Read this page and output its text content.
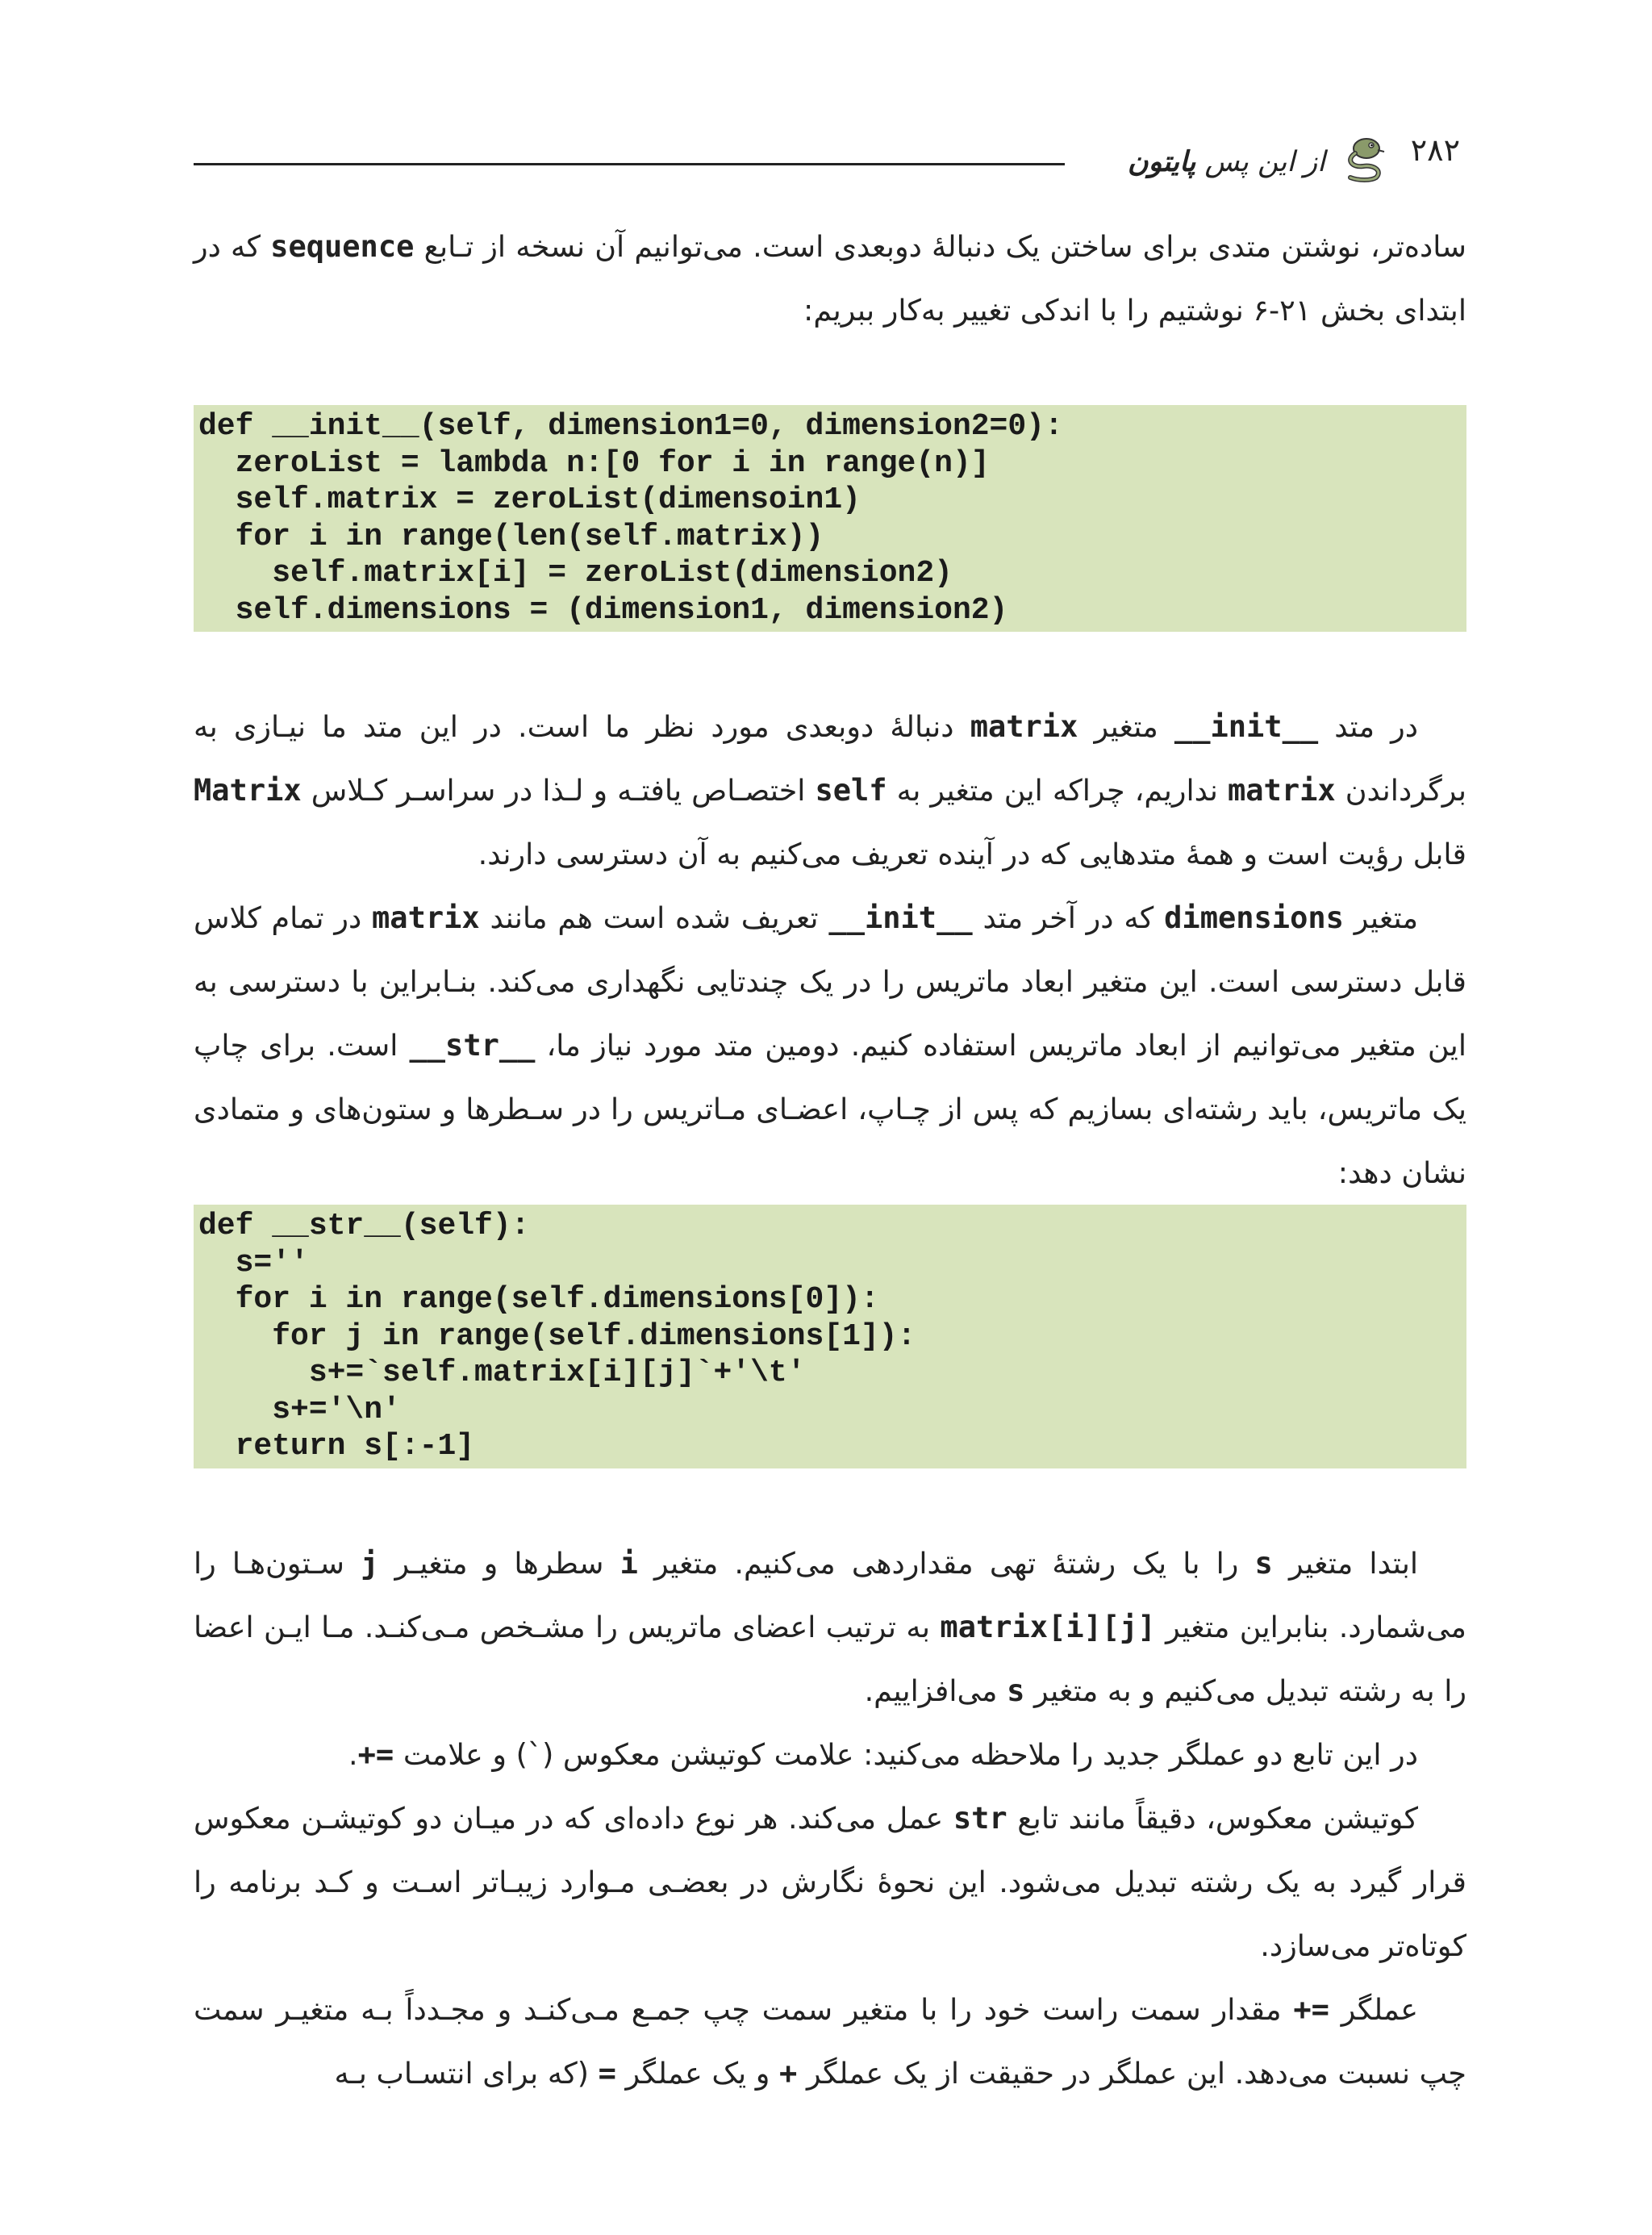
۲۸۲
از این پس پایتون

ساده‌تر، نوشتن متدی برای ساختن یک دنبالهٔ دوبعدی است. می‌توانیم آن نسخه از تـابع sequence که در ابتدای بخش ۲۱-۶ نوشتیم را با اندکی تغییر به‌کار ببریم:

def __init__(self, dimension1=0, dimension2=0):
zeroList = lambda n:[0 for i in range(n)]
self.matrix = zeroList(dimensoin1)
for i in range(len(self.matrix))
self.matrix[i] = zeroList(dimension2)
self.dimensions = (dimension1, dimension2)

در متد __init__ متغیر matrix دنبالهٔ دوبعدی مورد نظر ما است. در این متد ما نیـازی به برگرداندن matrix نداریم، چراکه این متغیر به self اختصـاص یافتـه و لـذا در سراسـر کـلاس Matrix قابل رؤیت است و همهٔ متدهایی که در آینده تعریف می‌کنیم به آن دسترسی دارند.

متغیر dimensions که در آخر متد __init__ تعریف شده است هم مانند matrix در تمام کلاس قابل دسترسی است. این متغیر ابعاد ماتریس را در یک چندتایی نگهداری می‌کند. بنـابراین با دسترسی به این متغیر می‌توانیم از ابعاد ماتریس استفاده کنیم. دومین متد مورد نیاز ما، __str__ است. برای چاپ یک ماتریس، باید رشته‌ای بسازیم که پس از چـاپ، اعضـای مـاتریس را در سـطرها و ستون‌های و متمادی نشان دهد:

def __str__(self):
s=''
for i in range(self.dimensions[0]):
for j in range(self.dimensions[1]):
s+=`self.matrix[i][j]`+'\t'
s+='\n'
return s[:-1]

ابتدا متغیر s را با یک رشتهٔ تهی مقداردهی می‌کنیم. متغیر i سطرها و متغیـر j سـتون‌هـا را می‌شمارد. بنابراین متغیر matrix[i][j] به ترتیب اعضای ماتریس را مشـخص مـی‌کنـد. مـا ایـن اعضا را به رشته تبدیل می‌کنیم و به متغیر s می‌افزاییم.

در این تابع دو عملگر جدید را ملاحظه می‌کنید: علامت کوتیشن معکوس (`) و علامت +=.

کوتیشن معکوس، دقیقاً مانند تابع str عمل می‌کند. هر نوع داده‌ای که در میـان دو کوتیشـن معکوس قرار گیرد به یک رشته تبدیل می‌شود. این نحوهٔ نگارش در بعضـی مـوارد زیبـاتر اسـت و کـد برنامه را کوتاه‌تر می‌سازد.

عملگر += مقدار سمت راست خود را با متغیر سمت چپ جمـع مـی‌کنـد و مجـدداً بـه متغیـر سمت چپ نسبت می‌دهد. این عملگر در حقیقت از یک عملگر + و یک عملگر = (که برای انتسـاب بـه
